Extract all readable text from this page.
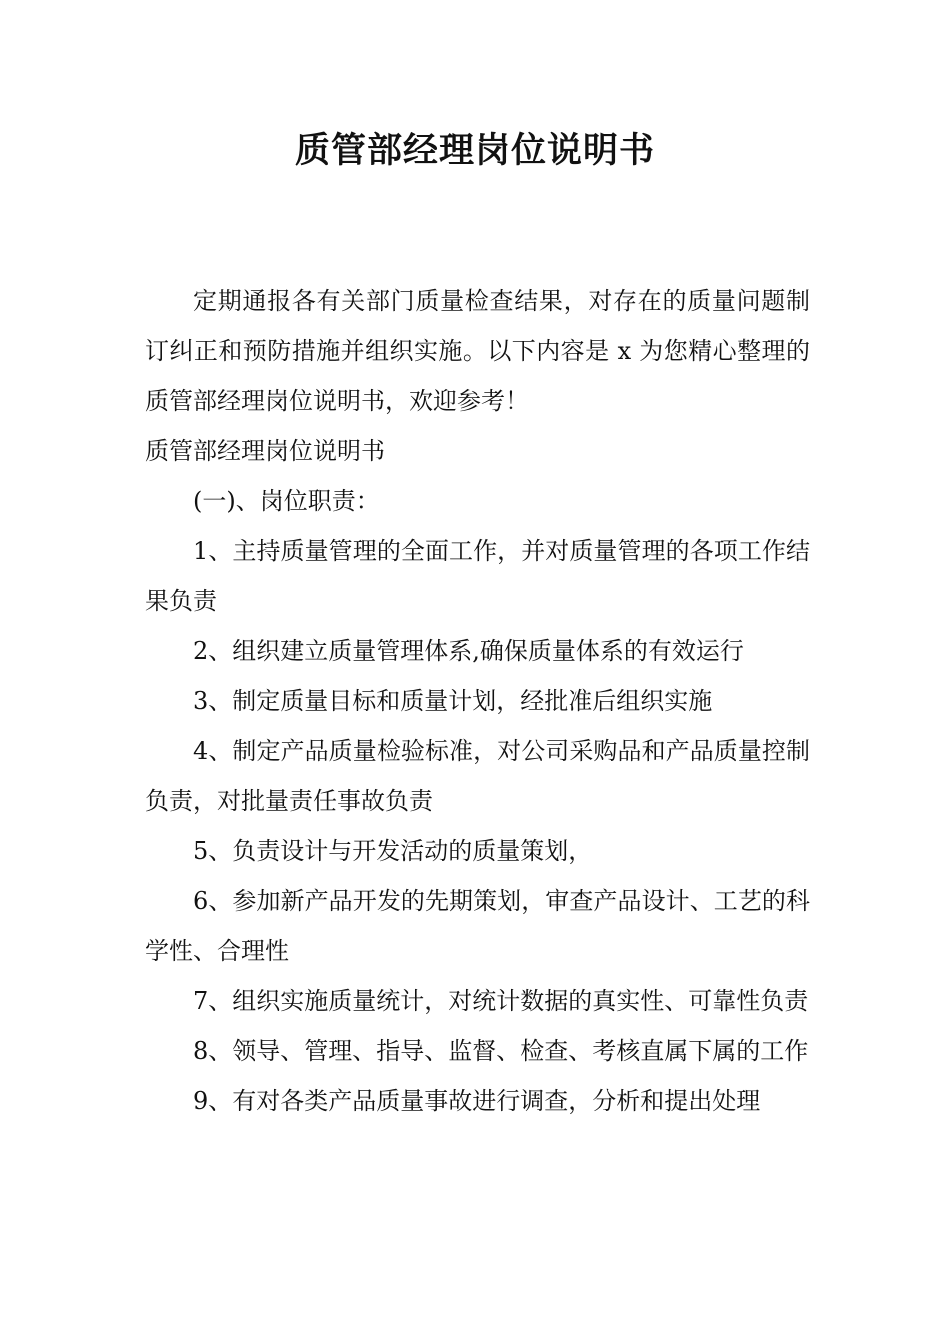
质管部经理岗位说明书

定期通报各有关部门质量检查结果，对存在的质量问题制订纠正和预防措施并组织实施。以下内容是 x 为您精心整理的质管部经理岗位说明书，欢迎参考！

质管部经理岗位说明书

(一)、岗位职责：

1、主持质量管理的全面工作，并对质量管理的各项工作结果负责

2、组织建立质量管理体系,确保质量体系的有效运行

3、制定质量目标和质量计划，经批准后组织实施

4、制定产品质量检验标准，对公司采购品和产品质量控制负责，对批量责任事故负责

5、负责设计与开发活动的质量策划，

6、参加新产品开发的先期策划，审查产品设计、工艺的科学性、合理性

7、组织实施质量统计，对统计数据的真实性、可靠性负责

8、领导、管理、指导、监督、检查、考核直属下属的工作

9、有对各类产品质量事故进行调查，分析和提出处理
